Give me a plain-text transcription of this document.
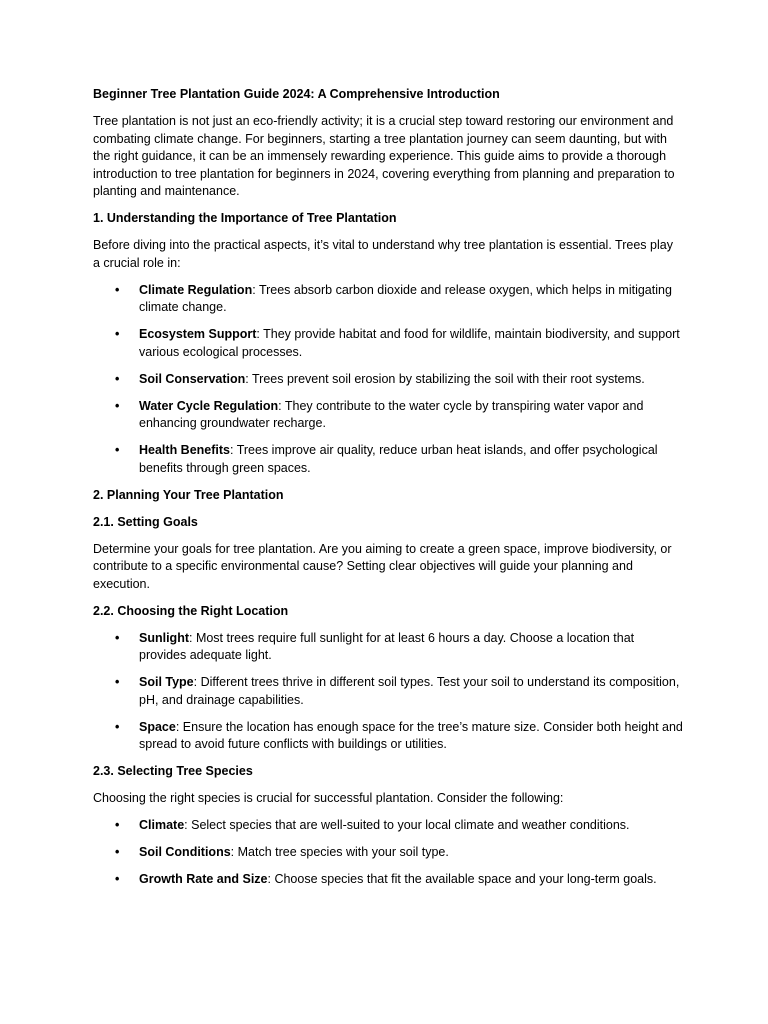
Beginner Tree Plantation Guide 2024: A Comprehensive Introduction

Tree plantation is not just an eco-friendly activity; it is a crucial step toward restoring our environment and combating climate change. For beginners, starting a tree plantation journey can seem daunting, but with the right guidance, it can be an immensely rewarding experience. This guide aims to provide a thorough introduction to tree plantation for beginners in 2024, covering everything from planning and preparation to planting and maintenance.

1. Understanding the Importance of Tree Plantation

Before diving into the practical aspects, it’s vital to understand why tree plantation is essential. Trees play a crucial role in:

• Climate Regulation: Trees absorb carbon dioxide and release oxygen, which helps in mitigating climate change.
• Ecosystem Support: They provide habitat and food for wildlife, maintain biodiversity, and support various ecological processes.
• Soil Conservation: Trees prevent soil erosion by stabilizing the soil with their root systems.
• Water Cycle Regulation: They contribute to the water cycle by transpiring water vapor and enhancing groundwater recharge.
• Health Benefits: Trees improve air quality, reduce urban heat islands, and offer psychological benefits through green spaces.
2. Planning Your Tree Plantation
2.1. Setting Goals

Determine your goals for tree plantation. Are you aiming to create a green space, improve biodiversity, or contribute to a specific environmental cause? Setting clear objectives will guide your planning and execution.

2.2. Choosing the Right Location
• Sunlight: Most trees require full sunlight for at least 6 hours a day. Choose a location that provides adequate light.
• Soil Type: Different trees thrive in different soil types. Test your soil to understand its composition, pH, and drainage capabilities.
• Space: Ensure the location has enough space for the tree’s mature size. Consider both height and spread to avoid future conflicts with buildings or utilities.
2.3. Selecting Tree Species

Choosing the right species is crucial for successful plantation. Consider the following:

• Climate: Select species that are well-suited to your local climate and weather conditions.
• Soil Conditions: Match tree species with your soil type.
• Growth Rate and Size: Choose species that fit the available space and your long-term goals.
